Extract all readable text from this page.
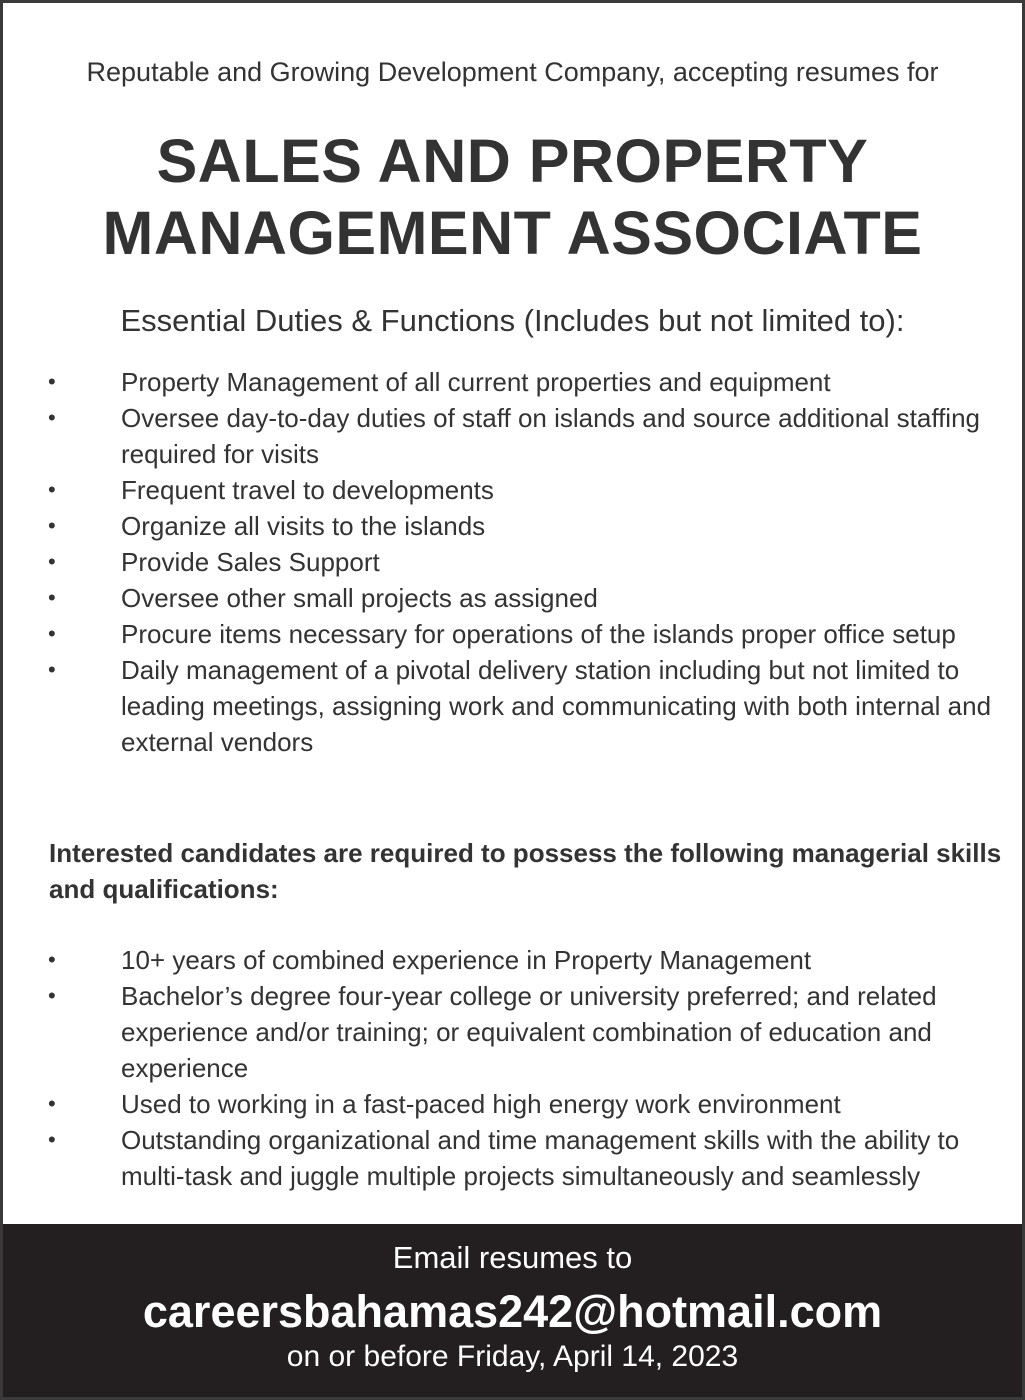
Reputable and Growing Development Company, accepting resumes for
SALES AND PROPERTY
MANAGEMENT ASSOCIATE
Essential Duties & Functions (Includes but not limited to):
•	Property Management of all current properties and equipment
•	Oversee day-to-day duties of staff on islands and source additional staffing required for visits
•	Frequent travel to developments
•	Organize all visits to the islands
•	Provide Sales Support
•	Oversee other small projects as assigned
•	Procure items necessary for operations of the islands proper office setup
•	Daily management of a pivotal delivery station including but not limited to leading meetings, assigning work and communicating with both internal and external vendors
Interested candidates are required to possess the following managerial skills and qualifications:
•	10+ years of combined experience in Property Management
•	Bachelor’s degree four-year college or university preferred; and related experience and/or training; or equivalent combination of education and experience
•	Used to working in a fast-paced high energy work environment
•	Outstanding organizational and time management skills with the ability to multi-task and juggle multiple projects simultaneously and seamlessly
Email resumes to
careersbahamas242@hotmail.com
on or before Friday, April 14, 2023
